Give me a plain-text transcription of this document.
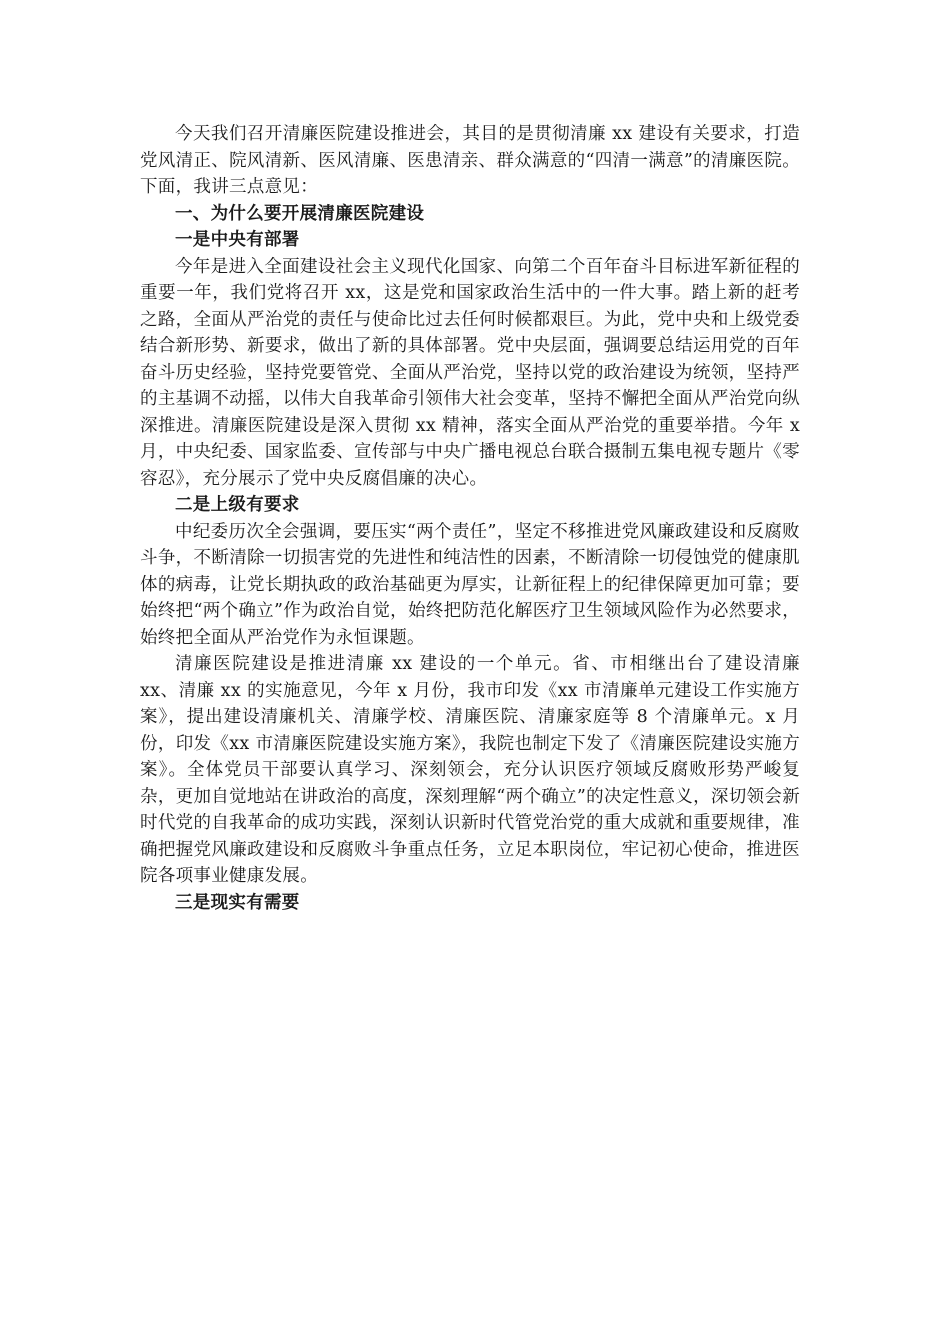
今天我们召开清廉医院建设推进会，其目的是贯彻清廉 xx 建设有关要求，打造党风清正、院风清新、医风清廉、医患清亲、群众满意的“四清一满意”的清廉医院。下面，我讲三点意见：

一、为什么要开展清廉医院建设

一是中央有部署

今年是进入全面建设社会主义现代化国家、向第二个百年奋斗目标进军新征程的重要一年，我们党将召开 xx，这是党和国家政治生活中的一件大事。踏上新的赶考之路，全面从严治党的责任与使命比过去任何时候都艰巨。为此，党中央和上级党委结合新形势、新要求，做出了新的具体部署。党中央层面，强调要总结运用党的百年奋斗历史经验，坚持党要管党、全面从严治党，坚持以党的政治建设为统领，坚持严的主基调不动摇，以伟大自我革命引领伟大社会变革，坚持不懈把全面从严治党向纵深推进。清廉医院建设是深入贯彻 xx 精神，落实全面从严治党的重要举措。今年 x 月，中央纪委、国家监委、宣传部与中央广播电视总台联合摄制五集电视专题片《零容忍》，充分展示了党中央反腐倡廉的决心。

二是上级有要求

中纪委历次全会强调，要压实“两个责任”，坚定不移推进党风廉政建设和反腐败斗争，不断清除一切损害党的先进性和纯洁性的因素，不断清除一切侵蚀党的健康肌体的病毒，让党长期执政的政治基础更为厚实，让新征程上的纪律保障更加可靠；要始终把“两个确立”作为政治自觉，始终把防范化解医疗卫生领域风险作为必然要求，始终把全面从严治党作为永恒课题。

清廉医院建设是推进清廉 xx 建设的一个单元。省、市相继出台了建设清廉 xx、清廉 xx 的实施意见，今年 x 月份，我市印发《xx 市清廉单元建设工作实施方案》，提出建设清廉机关、清廉学校、清廉医院、清廉家庭等 8 个清廉单元。x 月份，印发《xx 市清廉医院建设实施方案》，我院也制定下发了《清廉医院建设实施方案》。全体党员干部要认真学习、深刻领会，充分认识医疗领域反腐败形势严峻复杂，更加自觉地站在讲政治的高度，深刻理解“两个确立”的决定性意义，深切领会新时代党的自我革命的成功实践，深刻认识新时代管党治党的重大成就和重要规律，准确把握党风廉政建设和反腐败斗争重点任务，立足本职岗位，牢记初心使命，推进医院各项事业健康发展。

三是现实有需要
